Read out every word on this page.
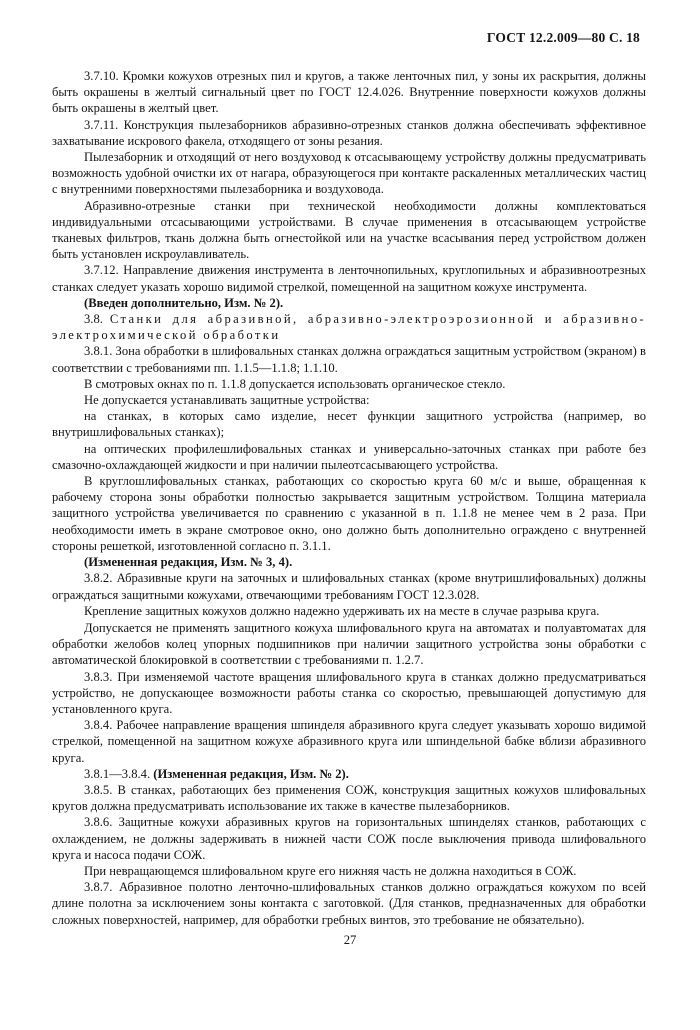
ГОСТ 12.2.009—80 С. 18

3.7.10. Кромки кожухов отрезных пил и кругов, а также ленточных пил, у зоны их раскрытия, должны быть окрашены в желтый сигнальный цвет по ГОСТ 12.4.026. Внутренние поверхности кожухов должны быть окрашены в желтый цвет.

3.7.11. Конструкция пылезаборников абразивно-отрезных станков должна обеспечивать эффективное захватывание искрового факела, отходящего от зоны резания.

Пылезаборник и отходящий от него воздуховод к отсасывающему устройству должны предусматривать возможность удобной очистки их от нагара, образующегося при контакте раскаленных металлических частиц с внутренними поверхностями пылезаборника и воздуховода.

Абразивно-отрезные станки при технической необходимости должны комплектоваться индивидуальными отсасывающими устройствами. В случае применения в отсасывающем устройстве тканевых фильтров, ткань должна быть огнестойкой или на участке всасывания перед устройством должен быть установлен искроулавливатель.

3.7.12. Направление движения инструмента в ленточнопильных, круглопильных и абразивноотрезных станках следует указать хорошо видимой стрелкой, помещенной на защитном кожухе инструмента.

(Введен дополнительно, Изм. № 2).

3.8. Станки для абразивной, абразивно-электроэрозионной и абразивно-электрохимической обработки

3.8.1. Зона обработки в шлифовальных станках должна ограждаться защитным устройством (экраном) в соответствии с требованиями пп. 1.1.5—1.1.8; 1.1.10.

В смотровых окнах по п. 1.1.8 допускается использовать органическое стекло.

Не допускается устанавливать защитные устройства:

на станках, в которых само изделие, несет функции защитного устройства (например, во внутришлифовальных станках);

на оптических профилешлифовальных станках и универсально-заточных станках при работе без смазочно-охлаждающей жидкости и при наличии пылеотсасывающего устройства.

В круглошлифовальных станках, работающих со скоростью круга 60 м/с и выше, обращенная к рабочему сторона зоны обработки полностью закрывается защитным устройством. Толщина материала защитного устройства увеличивается по сравнению с указанной в п. 1.1.8 не менее чем в 2 раза. При необходимости иметь в экране смотровое окно, оно должно быть дополнительно ограждено с внутренней стороны решеткой, изготовленной согласно п. 3.1.1.

(Измененная редакция, Изм. № 3, 4).

3.8.2. Абразивные круги на заточных и шлифовальных станках (кроме внутришлифовальных) должны ограждаться защитными кожухами, отвечающими требованиям ГОСТ 12.3.028.

Крепление защитных кожухов должно надежно удерживать их на месте в случае разрыва круга.

Допускается не применять защитного кожуха шлифовального круга на автоматах и полуавтоматах для обработки желобов колец упорных подшипников при наличии защитного устройства зоны обработки с автоматической блокировкой в соответствии с требованиями п. 1.2.7.

3.8.3. При изменяемой частоте вращения шлифовального круга в станках должно предусматриваться устройство, не допускающее возможности работы станка со скоростью, превышающей допустимую для установленного круга.

3.8.4. Рабочее направление вращения шпинделя абразивного круга следует указывать хорошо видимой стрелкой, помещенной на защитном кожухе абразивного круга или шпиндельной бабке вблизи абразивного круга.

3.8.1—3.8.4. (Измененная редакция, Изм. № 2).

3.8.5. В станках, работающих без применения СОЖ, конструкция защитных кожухов шлифовальных кругов должна предусматривать использование их также в качестве пылезаборников.

3.8.6. Защитные кожухи абразивных кругов на горизонтальных шпинделях станков, работающих с охлаждением, не должны задерживать в нижней части СОЖ после выключения привода шлифовального круга и насоса подачи СОЖ.

При невращающемся шлифовальном круге его нижняя часть не должна находиться в СОЖ.

3.8.7. Абразивное полотно ленточно-шлифовальных станков должно ограждаться кожухом по всей длине полотна за исключением зоны контакта с заготовкой. (Для станков, предназначенных для обработки сложных поверхностей, например, для обработки гребных винтов, это требование не обязательно).

27
